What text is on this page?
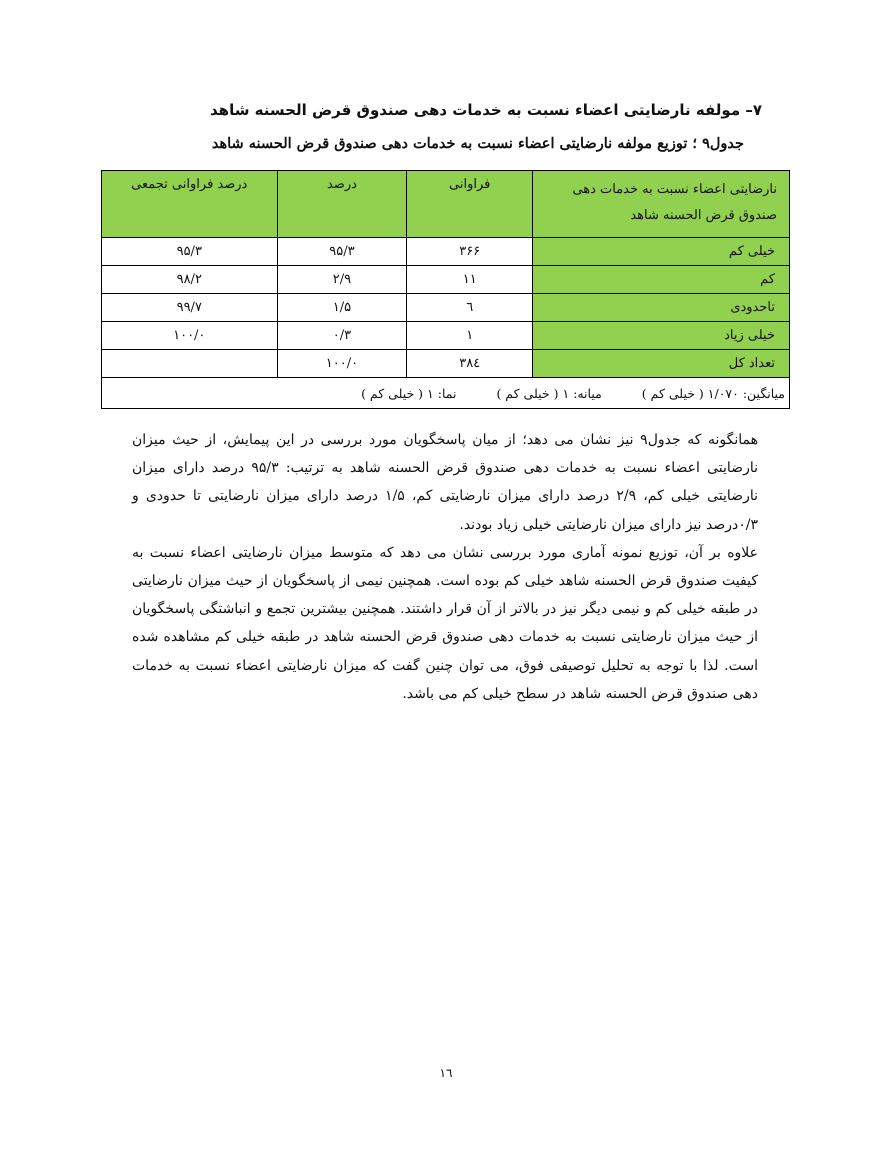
۷– مولفه نارضایتی اعضاء نسبت به خدمات دهی صندوق قرض الحسنه شاهد
جدول۹ ؛ توزیع مولفه نارضایتی اعضاء نسبت به خدمات دهی صندوق قرض الحسنه شاهد
نارضایتی اعضاء نسبت به خدمات دهی
صندوق قرض الحسنه شاهد	فراوانی	درصد	درصد فراوانی تجمعی
خیلی کم	۳۶۶	۹۵/۳	۹۵/۳
کم	۱۱	۲/۹	۹۸/۲
تاحدودی	٦	۱/۵	۹۹/۷
خیلی زیاد	۱	۰/۳	۱۰۰/۰
تعداد کل	۳۸٤	۱۰۰/۰	
میانگین: ۱/۰۷۰ ( خیلی کم ) میانه: ۱ ( خیلی کم ) نما: ۱ ( خیلی کم )			

همانگونه که جدول۹ نیز نشان می دهد؛ از میان پاسخگویان مورد بررسی در این پیمایش، از حیث میزان نارضایتی اعضاء نسبت به خدمات دهی صندوق قرض الحسنه شاهد به ترتیب: ۹۵/۳ درصد دارای میزان نارضایتی خیلی کم، ۲/۹ درصد دارای میزان نارضایتی کم، ۱/۵ درصد دارای میزان نارضایتی تا حدودی و ۰/۳درصد نیز دارای میزان نارضایتی خیلی زیاد بودند.

علاوه بر آن، توزیع نمونه آماری مورد بررسی نشان می دهد که متوسط میزان نارضایتی اعضاء نسبت به کیفیت صندوق قرض الحسنه شاهد خیلی کم بوده است. همچنین نیمی از پاسخگویان از حیث میزان نارضایتی در طبقه خیلی کم و نیمی دیگر نیز در بالاتر از آن قرار داشتند. همچنین بیشترین تجمع و انباشتگی پاسخگویان از حیث میزان نارضایتی نسبت به خدمات دهی صندوق قرض الحسنه شاهد در طبقه خیلی کم مشاهده شده است. لذا با توجه به تحلیل توصیفی فوق، می توان چنین گفت که میزان نارضایتی اعضاء نسبت به خدمات دهی صندوق قرض الحسنه شاهد در سطح خیلی کم می باشد.

۱٦
